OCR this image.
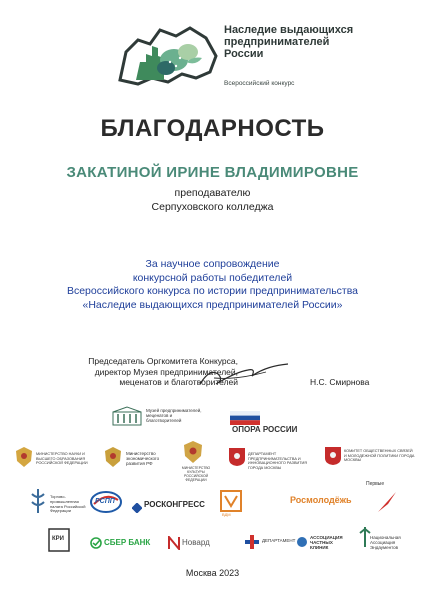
Наследие выдающихся предпринимателей России
Всероссийский конкурс
БЛАГОДАРНОСТЬ
ЗАКАТИНОЙ ИРИНЕ ВЛАДИМИРОВНЕ
преподавателю
Серпуховского колледжа
За научное сопровождение
конкурсной работы победителей
Всероссийского конкурса по истории предпринимательства
«Наследие выдающихся предпринимателей России»
Председатель Оргкомитета Конкурса,
директор Музея предпринимателей,
меценатов и благотворителей	Н.С. Смирнова
Музей предпринимателей, меценатов и благотворителей
ОПОРА РОССИИ
МИНИСТЕРСТВО НАУКИ И ВЫСШЕГО ОБРАЗОВАНИЯ РОССИЙСКОЙ ФЕДЕРАЦИИ
Министерство экономического развития РФ
МИНИСТЕРСТВО КУЛЬТУРЫ РОССИЙСКОЙ ФЕДЕРАЦИИ
ДЕПАРТАМЕНТ ПРЕДПРИНИМАТЕЛЬСТВА И ИННОВАЦИОННОГО РАЗВИТИЯ ГОРОДА МОСКВЫ
КОМИТЕТ ОБЩЕСТВЕННЫХ СВЯЗЕЙ И МОЛОДЕЖНОЙ ПОЛИТИКИ ГОРОДА МОСКВЫ
Торгово-промышленная палата Российской Федерации
РСПП	РОСКОНГРЕСС
ВДМ
Росмолодёжь
Первые
КРИ	СБЕР БАНК	Новард	ДЕПАРТАМЕНТ
АССОЦИАЦИЯ ЧАСТНЫХ КЛИНИК
Национальная Ассоциация Эндаументов
Москва 2023
